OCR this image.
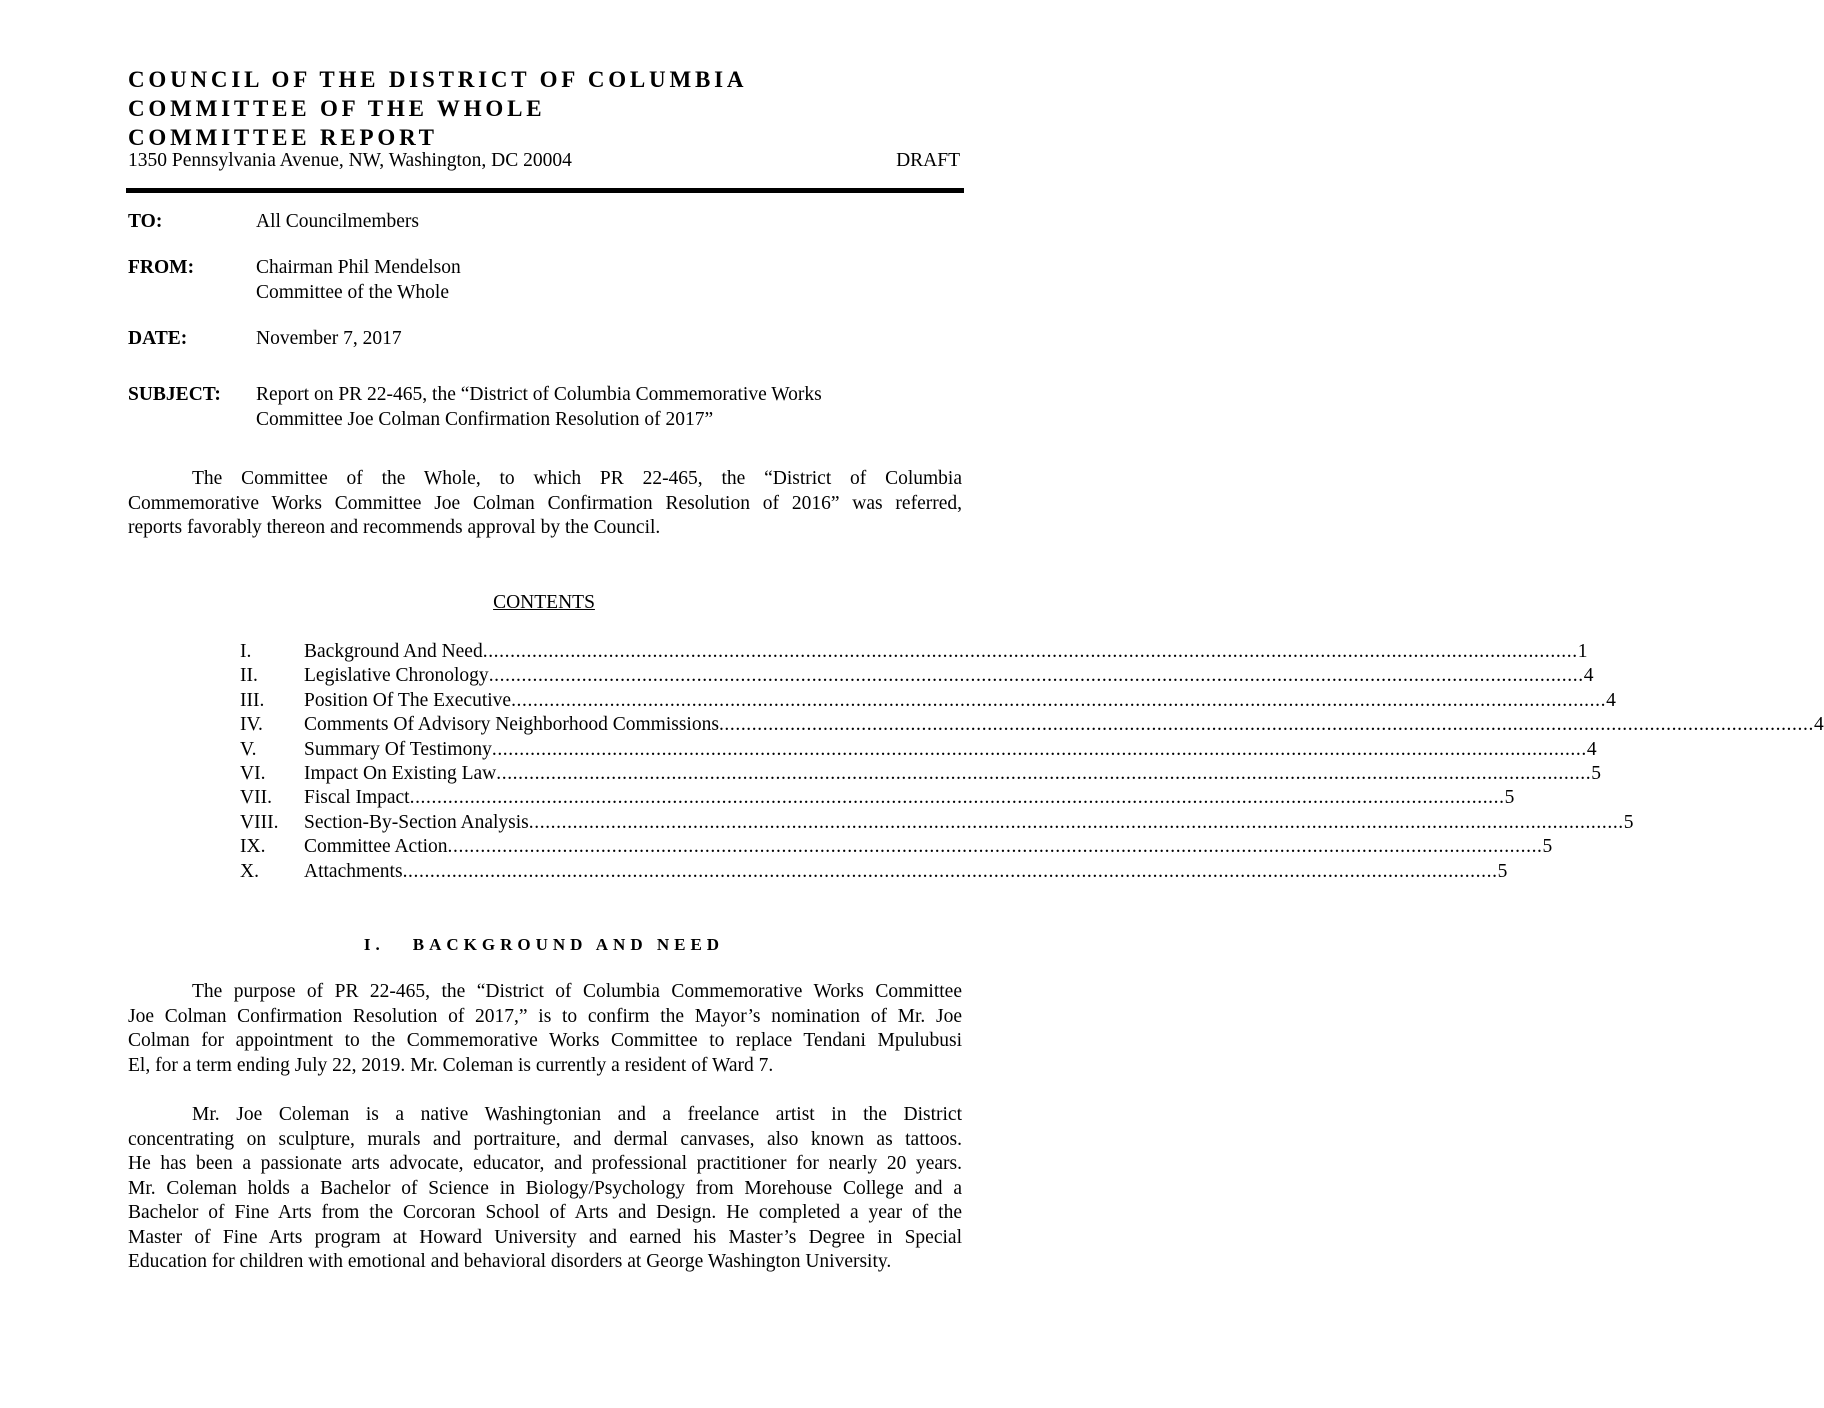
COUNCIL OF THE DISTRICT OF COLUMBIA
COMMITTEE OF THE WHOLE
COMMITTEE REPORT
1350 Pennsylvania Avenue, NW, Washington, DC 20004	DRAFT
TO:	All Councilmembers
FROM:	Chairman Phil Mendelson
Committee of the Whole
DATE:	November 7, 2017
SUBJECT: Report on PR 22-465, the “District of Columbia Commemorative Works
Committee Joe Colman Confirmation Resolution of 2017”
The Committee of the Whole, to which PR 22-465, the “District of Columbia
Commemorative Works Committee Joe Colman Confirmation Resolution of 2016” was referred,
reports favorably thereon and recommends approval by the Council.
CONTENTS
I.	Background And Need ........................................................................................................................................................................................................ 1
II. Legislative Chronology ........................................................................................................................................................................................................ 4
III. Position Of The Executive ........................................................................................................................................................................................................ 4
IV. Comments Of Advisory Neighborhood Commissions ........................................................................................................................................................................................................ 4
V. Summary Of Testimony ........................................................................................................................................................................................................ 4
VI. Impact On Existing Law ........................................................................................................................................................................................................ 5
VII. Fiscal Impact ........................................................................................................................................................................................................ 5
VIII. Section-By-Section Analysis ........................................................................................................................................................................................................ 5
IX. Committee Action ........................................................................................................................................................................................................ 5
X. Attachments ........................................................................................................................................................................................................ 5
I. BACKGROUND AND NEED
The purpose of PR 22-465, the “District of Columbia Commemorative Works Committee
Joe Colman Confirmation Resolution of 2017,” is to confirm the Mayor’s nomination of Mr. Joe
Colman for appointment to the Commemorative Works Committee to replace Tendani Mpulubusi
El, for a term ending July 22, 2019. Mr. Coleman is currently a resident of Ward 7.
Mr. Joe Coleman is a native Washingtonian and a freelance artist in the District
concentrating on sculpture, murals and portraiture, and dermal canvases, also known as tattoos.
He has been a passionate arts advocate, educator, and professional practitioner for nearly 20 years.
Mr. Coleman holds a Bachelor of Science in Biology/Psychology from Morehouse College and a
Bachelor of Fine Arts from the Corcoran School of Arts and Design. He completed a year of the
Master of Fine Arts program at Howard University and earned his Master’s Degree in Special
Education for children with emotional and behavioral disorders at George Washington University.
